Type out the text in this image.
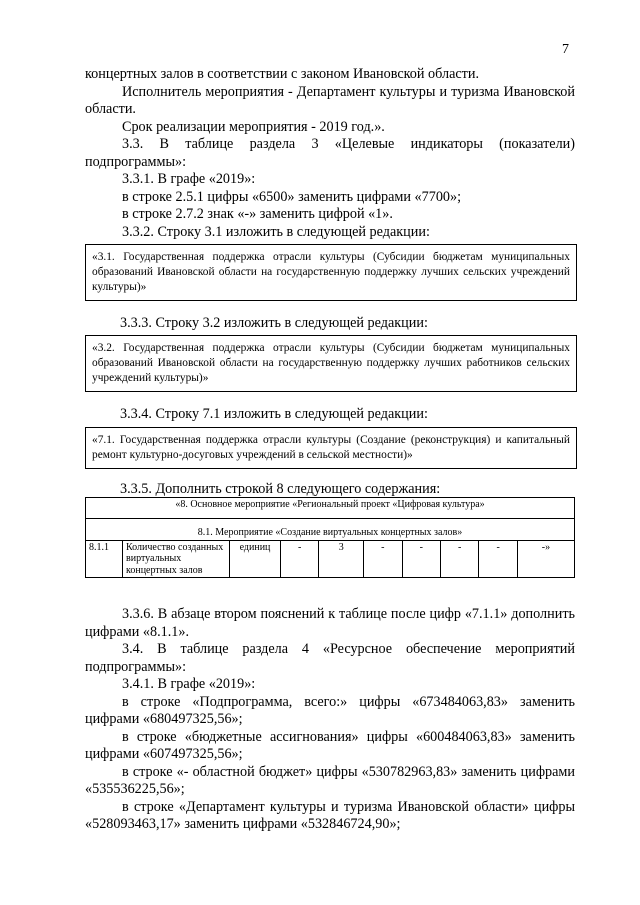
7

концертных залов в соответствии с законом Ивановской области.

Исполнитель мероприятия - Департамент культуры и туризма Ивановской области.

Срок реализации мероприятия - 2019 год.».

3.3. В таблице раздела 3 «Целевые индикаторы (показатели) подпрограммы»:

3.3.1. В графе «2019»:

в строке 2.5.1 цифры «6500» заменить цифрами «7700»;

в строке 2.7.2 знак «-» заменить цифрой «1».

3.3.2. Строку 3.1 изложить в следующей редакции:

«3.1. Государственная поддержка отрасли культуры (Субсидии бюджетам муниципальных образований Ивановской области на государственную поддержку лучших сельских учреждений культуры)»
3.3.3. Строку 3.2 изложить в следующей редакции:
«3.2. Государственная поддержка отрасли культуры (Субсидии бюджетам муниципальных образований Ивановской области на государственную поддержку лучших работников сельских учреждений культуры)»
3.3.4. Строку 7.1 изложить в следующей редакции:
«7.1. Государственная поддержка отрасли культуры (Создание (реконструкция) и капитальный ремонт культурно-досуговых учреждений в сельской местности)»
3.3.5. Дополнить строкой 8 следующего содержания:
«8. Основное мероприятие «Региональный проект «Цифровая культура»
8.1. Мероприятие «Создание виртуальных концертных залов»
8.1.1	Количество созданных виртуальных концертных залов	единиц	-	3	-	-	-	-	-»

3.3.6. В абзаце втором пояснений к таблице после цифр «7.1.1» дополнить цифрами «8.1.1».

3.4. В таблице раздела 4 «Ресурсное обеспечение мероприятий подпрограммы»:

3.4.1. В графе «2019»:

в строке «Подпрограмма, всего:» цифры «673484063,83» заменить цифрами «680497325,56»;

в строке «бюджетные ассигнования» цифры «600484063,83» заменить цифрами «607497325,56»;

в строке «- областной бюджет» цифры «530782963,83» заменить цифрами «535536225,56»;

в строке «Департамент культуры и туризма Ивановской области» цифры «528093463,17» заменить цифрами «532846724,90»;
